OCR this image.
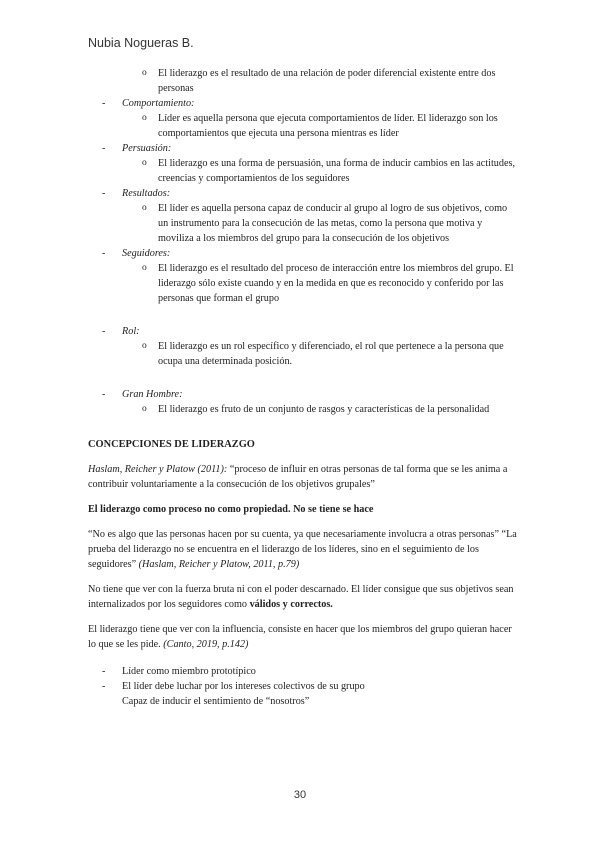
Nubia Nogueras B.
o El liderazgo es el resultado de una relación de poder diferencial existente entre dos personas
- Comportamiento:
o Líder es aquella persona que ejecuta comportamientos de líder. El liderazgo son los comportamientos que ejecuta una persona mientras es líder
- Persuasión:
o El liderazgo es una forma de persuasión, una forma de inducir cambios en las actitudes, creencias y comportamientos de los seguidores
- Resultados:
o El líder es aquella persona capaz de conducir al grupo al logro de sus objetivos, como un instrumento para la consecución de las metas, como la persona que motiva y moviliza a los miembros del grupo para la consecución de los objetivos
- Seguidores:
o El liderazgo es el resultado del proceso de interacción entre los miembros del grupo. El liderazgo sólo existe cuando y en la medida en que es reconocido y conferido por las personas que forman el grupo
- Rol:
o El liderazgo es un rol específico y diferenciado, el rol que pertenece a la persona que ocupa una determinada posición.
- Gran Hombre:
o El liderazgo es fruto de un conjunto de rasgos y características de la personalidad
CONCEPCIONES DE LIDERAZGO

Haslam, Reicher y Platow (2011): “proceso de influir en otras personas de tal forma que se les anima a contribuir voluntariamente a la consecución de los objetivos grupales”

El liderazgo como proceso no como propiedad. No se tiene se hace

“No es algo que las personas hacen por su cuenta, ya que necesariamente involucra a otras personas” “La prueba del liderazgo no se encuentra en el liderazgo de los líderes, sino en el seguimiento de los seguidores” (Haslam, Reicher y Platow, 2011, p.79)

No tiene que ver con la fuerza bruta ni con el poder descarnado. El líder consigue que sus objetivos sean internalizados por los seguidores como válidos y correctos.

El liderazgo tiene que ver con la influencia, consiste en hacer que los miembros del grupo quieran hacer lo que se les pide. (Canto, 2019, p.142)

- Líder como miembro prototípico
- El líder debe luchar por los intereses colectivos de su grupo
Capaz de inducir el sentimiento de “nosotros”
30
